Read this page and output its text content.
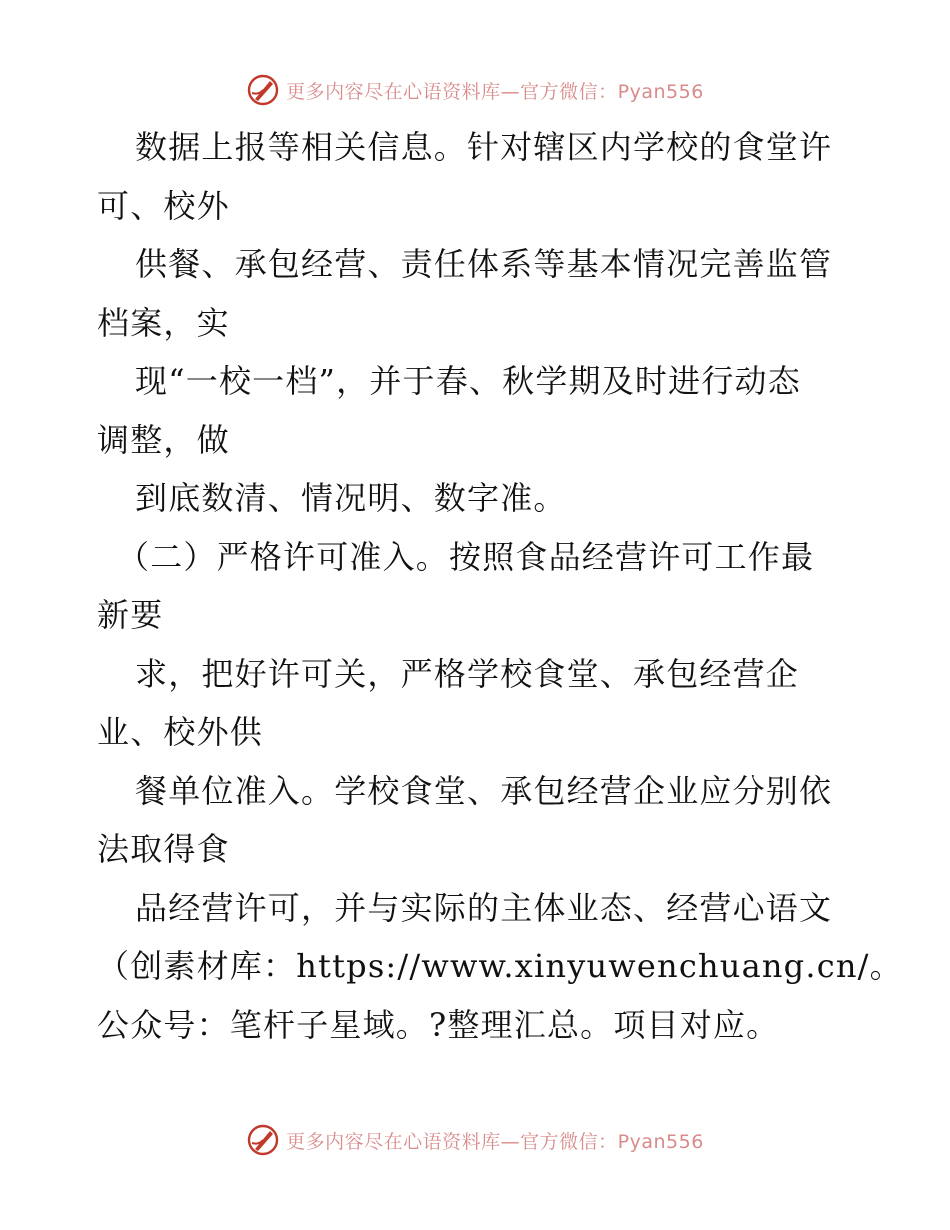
更多内容尽在心语资料库—官方微信：Pyan556
数据上报等相关信息。针对辖区内学校的食堂许
可、校外
供餐、承包经营、责任体系等基本情况完善监管
档案，实
现“一校一档”，并于春、秋学期及时进行动态
调整，做
到底数清、情况明、数字准。
（二）严格许可准入。按照食品经营许可工作最
新要
求，把好许可关，严格学校食堂、承包经营企
业、校外供
餐单位准入。学校食堂、承包经营企业应分别依
法取得食
品经营许可，并与实际的主体业态、经营心语文
（创素材库：https://www.xinyuwenchuang.cn/。
公众号：笔杆子星域。?整理汇总。项目对应。
更多内容尽在心语资料库—官方微信：Pyan556
